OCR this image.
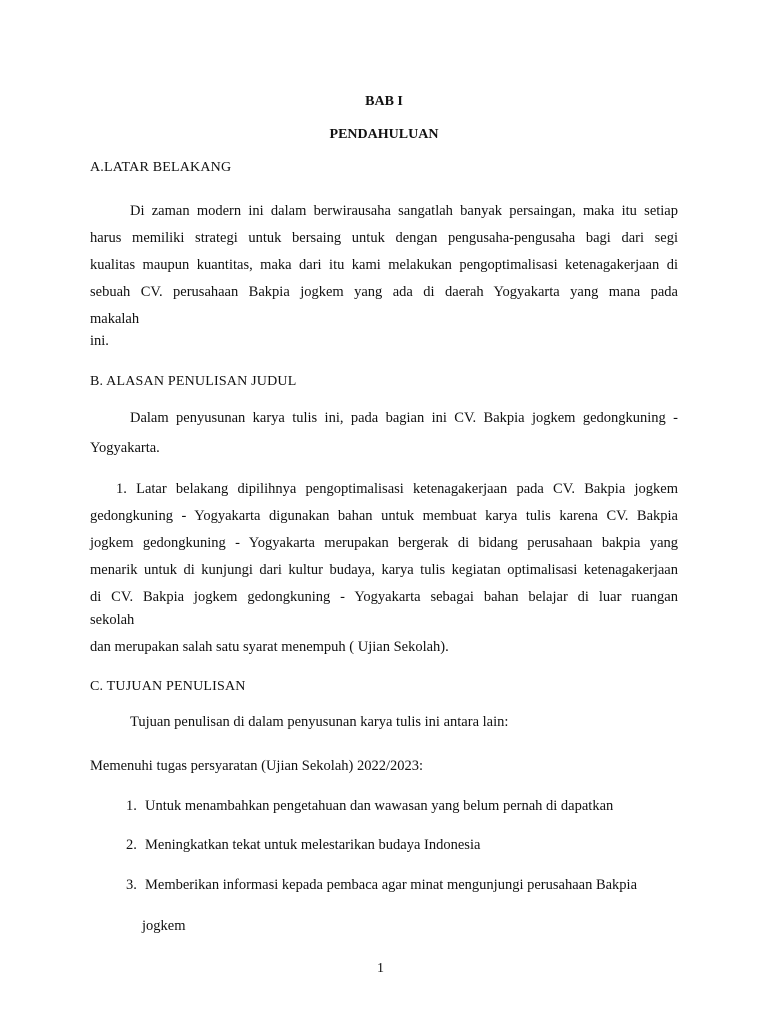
BAB I
PENDAHULUAN
A.LATAR BELAKANG
Di zaman modern ini dalam berwirausaha sangatlah banyak persaingan, maka itu setiap
harus memiliki strategi untuk bersaing untuk dengan pengusaha-pengusaha bagi dari segi
kualitas maupun kuantitas, maka dari itu kami melakukan pengoptimalisasi ketenagakerjaan di
sebuah CV. perusahaan Bakpia jogkem yang ada di daerah Yogyakarta yang mana pada
makalah
ini.
B. ALASAN PENULISAN JUDUL
Dalam penyusunan karya tulis ini, pada bagian ini CV. Bakpia jogkem gedongkuning -
Yogyakarta.
1. Latar belakang dipilihnya pengoptimalisasi ketenagakerjaan pada CV. Bakpia jogkem
gedongkuning - Yogyakarta digunakan bahan untuk membuat karya tulis karena CV. Bakpia
jogkem gedongkuning - Yogyakarta merupakan bergerak di bidang perusahaan bakpia yang
menarik untuk di kunjungi dari kultur budaya, karya tulis kegiatan optimalisasi ketenagakerjaan
di CV. Bakpia jogkem gedongkuning - Yogyakarta sebagai bahan belajar di luar ruangan
sekolah
dan merupakan salah satu syarat menempuh ( Ujian Sekolah).
C. TUJUAN PENULISAN
Tujuan penulisan di dalam penyusunan karya tulis ini antara lain:
Memenuhi tugas persyaratan (Ujian Sekolah) 2022/2023:
1. Untuk menambahkan pengetahuan dan wawasan yang belum pernah di dapatkan
2. Meningkatkan tekat untuk melestarikan budaya Indonesia
3. Memberikan informasi kepada pembaca agar minat mengunjungi perusahaan Bakpia
jogkem
1
